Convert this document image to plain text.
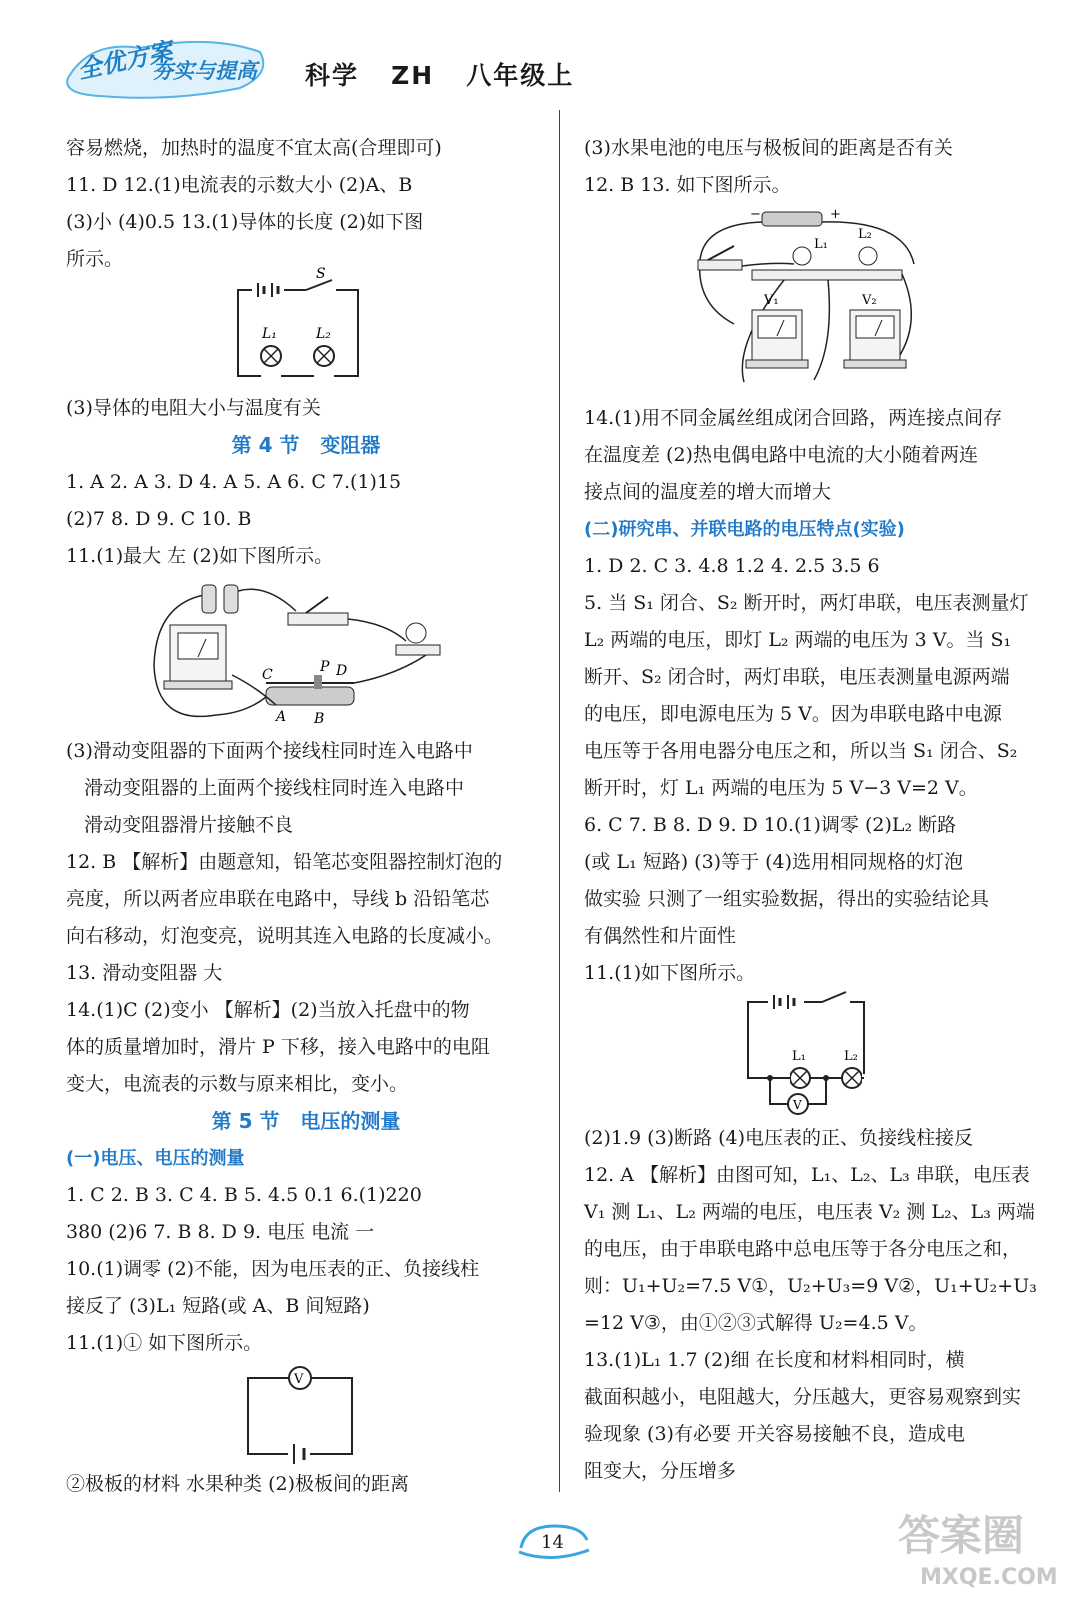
全优方案
夯实与提高 科学   ZH   八年级上
容易燃烧，加热时的温度不宜太高(合理即可)
11. D 12.(1)电流表的示数大小 (2)A、B
(3)小 (4)0.5 13.(1)导体的长度 (2)如下图
所示。
S
L₁	L₂
(3)导体的电阻大小与温度有关
第 4 节   变阻器
1. A 2. A 3. D 4. A 5. A 6. C 7.(1)15
(2)7 8. D 9. C 10. B
11.(1)最大 左 (2)如下图所示。
C	P D
A B
(3)滑动变阻器的下面两个接线柱同时连入电路中
滑动变阻器的上面两个接线柱同时连入电路中
滑动变阻器滑片接触不良
12. B 【解析】由题意知，铅笔芯变阻器控制灯泡的
亮度，所以两者应串联在电路中，导线 b 沿铅笔芯
向右移动，灯泡变亮，说明其连入电路的长度减小。
13. 滑动变阻器 大
14.(1)C (2)变小 【解析】(2)当放入托盘中的物
体的质量增加时，滑片 P 下移，接入电路中的电阻
变大，电流表的示数与原来相比，变小。
第 5 节   电压的测量
(一)电压、电压的测量
1. C 2. B 3. C 4. B 5. 4.5 0.1 6.(1)220
380 (2)6 7. B 8. D 9. 电压 电流 一
10.(1)调零 (2)不能，因为电压表的正、负接线柱
接反了 (3)L₁ 短路(或 A、B 间短路)
11.(1)① 如下图所示。
V
②极板的材料 水果种类 (2)极板间的距离
(3)水果电池的电压与极板间的距离是否有关
12. B 13. 如下图所示。
−	+
L₁
L₂
V₁	V₂
14.(1)用不同金属丝组成闭合回路，两连接点间存
在温度差 (2)热电偶电路中电流的大小随着两连
接点间的温度差的增大而增大
(二)研究串、并联电路的电压特点(实验)
1. D 2. C 3. 4.8 1.2 4. 2.5 3.5 6
5. 当 S₁ 闭合、S₂ 断开时，两灯串联，电压表测量灯
L₂ 两端的电压，即灯 L₂ 两端的电压为 3 V。当 S₁
断开、S₂ 闭合时，两灯串联，电压表测量电源两端
的电压，即电源电压为 5 V。因为串联电路中电源
电压等于各用电器分电压之和，所以当 S₁ 闭合、S₂
断开时，灯 L₁ 两端的电压为 5 V−3 V=2 V。
6. C 7. B 8. D 9. D 10.(1)调零 (2)L₂ 断路
(或 L₁ 短路) (3)等于 (4)选用相同规格的灯泡
做实验 只测了一组实验数据，得出的实验结论具
有偶然性和片面性
11.(1)如下图所示。
V
L₁	L₂
(2)1.9 (3)断路 (4)电压表的正、负接线柱接反
12. A 【解析】由图可知，L₁、L₂、L₃ 串联，电压表
V₁ 测 L₁、L₂ 两端的电压，电压表 V₂ 测 L₂、L₃ 两端
的电压，由于串联电路中总电压等于各分电压之和，
则：U₁+U₂=7.5 V①，U₂+U₃=9 V②，U₁+U₂+U₃
=12 V③，由①②③式解得 U₂=4.5 V。
13.(1)L₁ 1.7 (2)细 在长度和材料相同时，横
截面积越小，电阻越大，分压越大，更容易观察到实
验现象 (3)有必要 开关容易接触不良，造成电
阻变大，分压增多
14	答案圈
MXQE.COM
